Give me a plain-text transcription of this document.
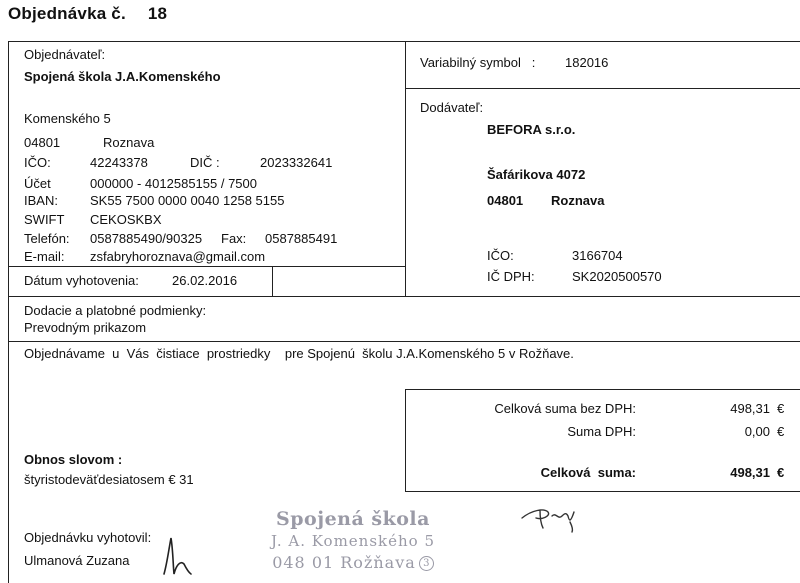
Objednávka č. 18
Objednávateľ:
Spojená škola J.A.Komenského
Komenského 5
04801	Roznava
IČO:	42243378	DIČ :	2023332641
Účet	000000 - 4012585155 / 7500
IBAN: SK55 7500 0000 0040 1258 5155
SWIFT CEKOSKBX
Telefón: 0587885490/90325 Fax: 0587885491
E-mail: zsfabryhoroznava@gmail.com
Dátum vyhotovenia:	26.02.2016
Variabilný symbol   : 182016
Dodávateľ:
BEFORA s.r.o.
Šafárikova 4072
04801 Roznava
IČO:	3166704
IČ DPH:	SK2020500570
Dodacie a platobné podmienky:
Prevodným prikazom
Objednávame  u  Vás  čistiace  prostriedky    pre Spojenú  školu J.A.Komenského 5 v Rožňave.
Celková suma bez DPH:	498,31 €
Suma DPH:	0,00 €
Celková  suma:	498,31 €
Obnos slovom :
štyristodeväťdesiatosem € 31
Objednávku vyhotovil:
Ulmanová Zuzana
Spojená škola
J. A. Komenského 5
048 01 Rožňava 3
